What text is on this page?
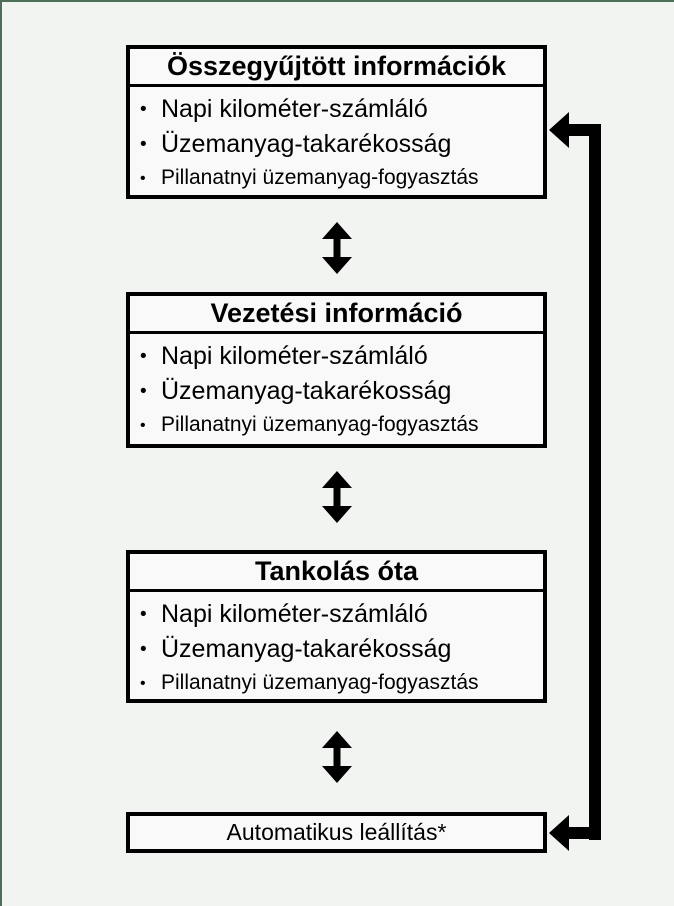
Összegyűjtött információk
• Napi kilométer-számláló
• Üzemanyag-takarékosság
• Pillanatnyi üzemanyag-fogyasztás
Vezetési információ
• Napi kilométer-számláló
• Üzemanyag-takarékosság
• Pillanatnyi üzemanyag-fogyasztás
Tankolás óta
• Napi kilométer-számláló
• Üzemanyag-takarékosság
• Pillanatnyi üzemanyag-fogyasztás
Automatikus leállítás*
